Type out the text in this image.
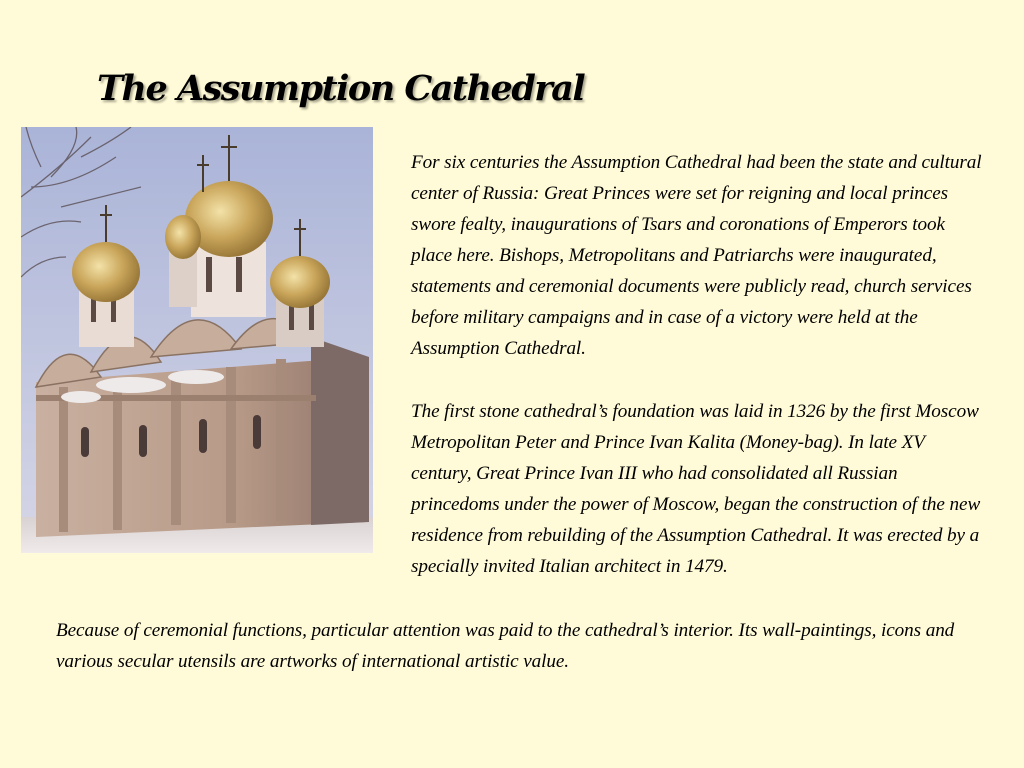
The Assumption Cathedral

For six centuries the Assumption Cathedral had been the state and cultural center of Russia: Great Princes were set for reigning and local princes swore fealty, inaugurations of Tsars and coronations of Emperors took place here. Bishops, Metropolitans and Patriarchs were inaugurated, statements and ceremonial documents were publicly read, church services before military campaigns and in case of a victory were held at the Assumption Cathedral.

The first stone cathedral’s foundation was laid in 1326 by the first Moscow Metropolitan Peter and Prince Ivan Kalita (Money-bag). In late XV century, Great Prince Ivan III who had consolidated all Russian princedoms under the power of Moscow, began the construction of the new residence from rebuilding of the Assumption Cathedral. It was erected by a specially invited Italian architect in 1479.

Because of ceremonial functions, particular attention was paid to the cathedral’s interior. Its wall-paintings, icons and various secular utensils are artworks of international artistic value.
